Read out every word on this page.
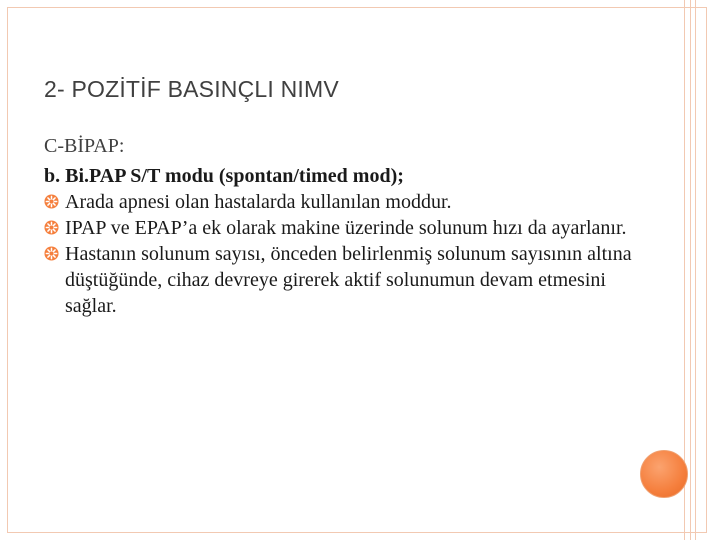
2- POZİTİF BASINÇLI NIMV
C-BİPAP:
b. Bi.PAP S/T modu (spontan/timed mod);
Arada apnesi olan hastalarda kullanılan moddur.
IPAP ve EPAP’a ek olarak makine üzerinde solunum hızı da ayarlanır.
Hastanın solunum sayısı, önceden belirlenmiş solunum sayısının altına düştüğünde, cihaz devreye girerek aktif solunumun devam etmesini sağlar.
